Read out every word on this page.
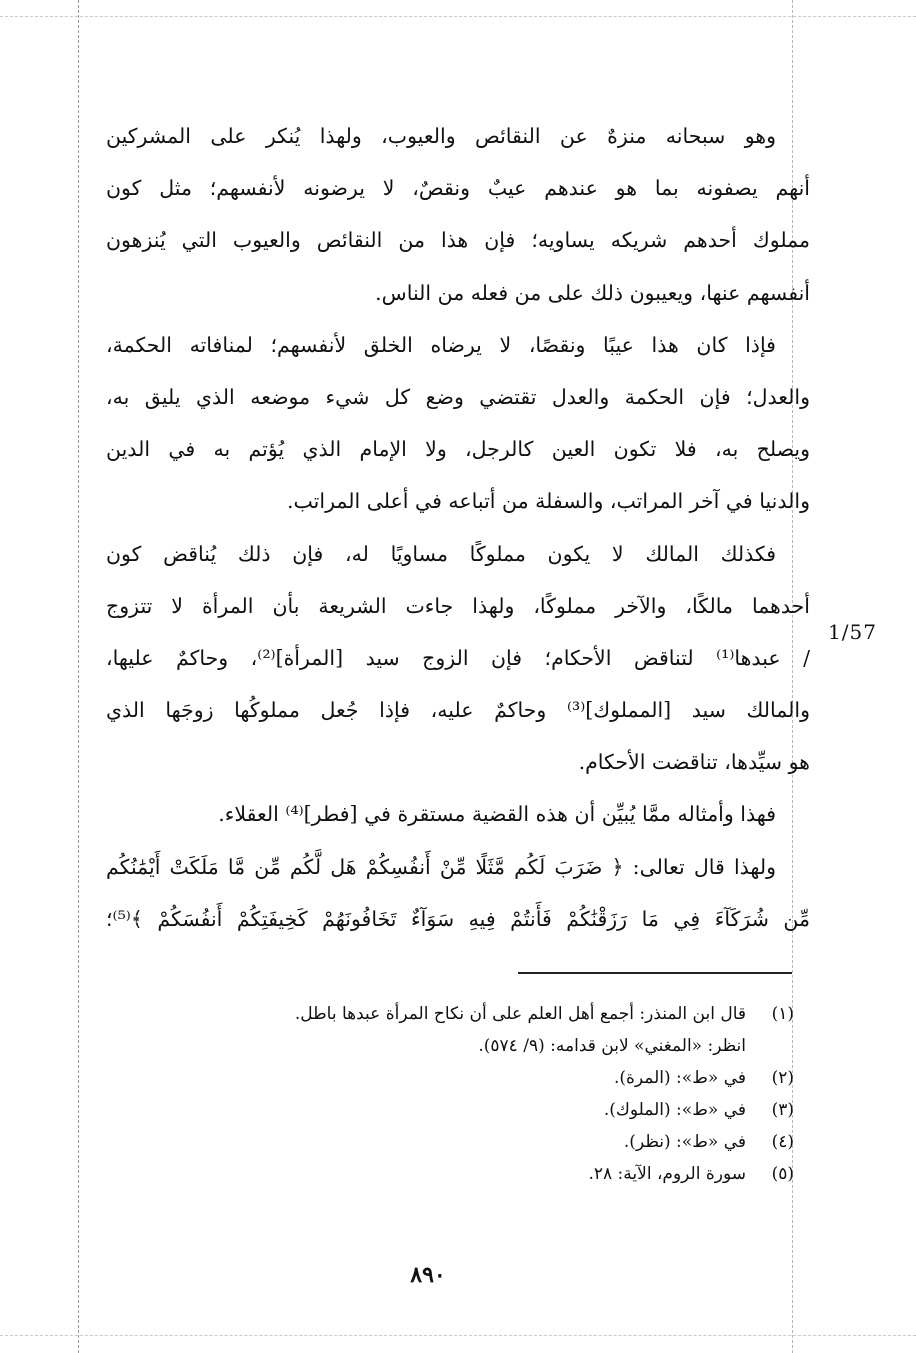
وهو سبحانه منزهٌ عن النقائص والعيوب، ولهذا يُنكر على المشركين
أنهم يصفونه بما هو عندهم عيبٌ ونقصٌ، لا يرضونه لأنفسهم؛ مثل كون
مملوك أحدهم شريكه يساويه؛ فإن هذا من النقائص والعيوب التي يُنزهون
أنفسهم عنها، ويعيبون ذلك على من فعله من الناس.
فإذا كان هذا عيبًا ونقصًا، لا يرضاه الخلق لأنفسهم؛ لمنافاته الحكمة،
والعدل؛ فإن الحكمة والعدل تقتضي وضع كل شيء موضعه الذي يليق به،
ويصلح به، فلا تكون العين كالرجل، ولا الإمام الذي يُؤتم به في الدين
والدنيا في آخر المراتب، والسفلة من أتباعه في أعلى المراتب.
فكذلك المالك لا يكون مملوكًا مساويًا له، فإن ذلك يُناقض كون
أحدهما مالكًا، والآخر مملوكًا، ولهذا جاءت الشريعة بأن المرأة لا تتزوج
/ عبدها⁽¹⁾ لتناقض الأحكام؛ فإن الزوج سيد [المرأة]⁽²⁾، وحاكمٌ عليها،
والمالك سيد [المملوك]⁽³⁾ وحاكمٌ عليه، فإذا جُعل مملوكُها زوجَها الذي
هو سيِّدها، تناقضت الأحكام.
فهذا وأمثاله ممَّا يُبيِّن أن هذه القضية مستقرة في [فطر]⁽⁴⁾ العقلاء.
ولهذا قال تعالى: ﴿ ضَرَبَ لَكُم مَّثَلًا مِّنْ أَنفُسِكُمْ هَل لَّكُم مِّن مَّا مَلَكَتْ أَيْمَٰنُكُم
مِّن شُرَكَآءَ فِي مَا رَزَقْنَٰكُمْ فَأَنتُمْ فِيهِ سَوَآءٌ تَخَافُونَهُمْ كَخِيفَتِكُمْ أَنفُسَكُمْ ﴾⁽⁵⁾؛
1/57
(١)
قال ابن المنذر: أجمع أهل العلم على أن نكاح المرأة عبدها باطل.
انظر: «المغني» لابن قدامه: (٩/ ٥٧٤).
(٢)
في «ط»: (المرة).
(٣)
في «ط»: (الملوك).
(٤)
في «ط»: (نظر).
(٥)
سورة الروم، الآية: ٢٨.
٨٩٠
